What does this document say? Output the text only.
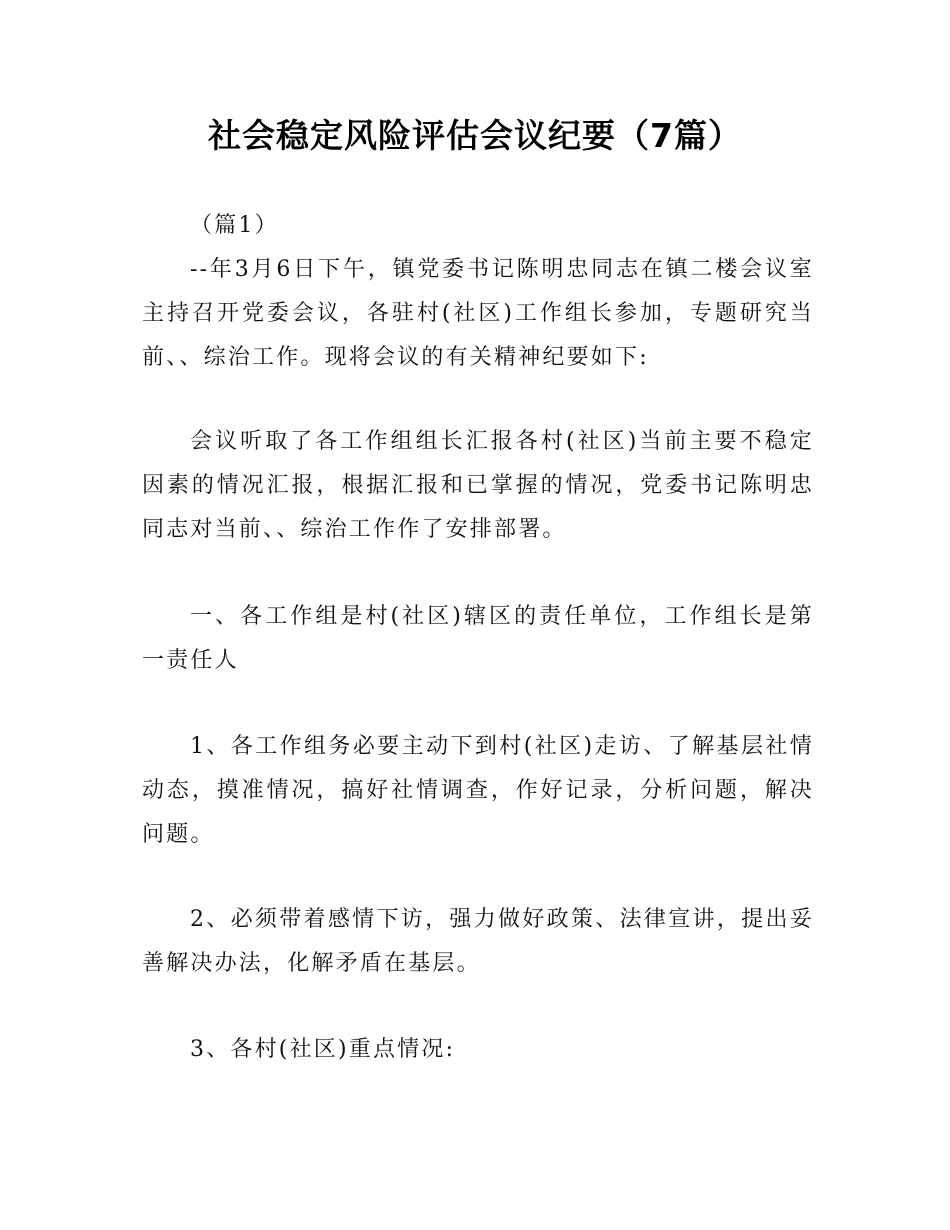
社会稳定风险评估会议纪要（7篇）

（篇1）

--年3月6日下午，镇党委书记陈明忠同志在镇二楼会议室主持召开党委会议，各驻村(社区)工作组长参加，专题研究当前、、综治工作。现将会议的有关精神纪要如下:

会议听取了各工作组组长汇报各村(社区)当前主要不稳定因素的情况汇报，根据汇报和已掌握的情况，党委书记陈明忠同志对当前、、综治工作作了安排部署。

一、各工作组是村(社区)辖区的责任单位，工作组长是第一责任人

1、各工作组务必要主动下到村(社区)走访、了解基层社情动态，摸准情况，搞好社情调查，作好记录，分析问题，解决问题。

2、必须带着感情下访，强力做好政策、法律宣讲，提出妥善解决办法，化解矛盾在基层。

3、各村(社区)重点情况:
